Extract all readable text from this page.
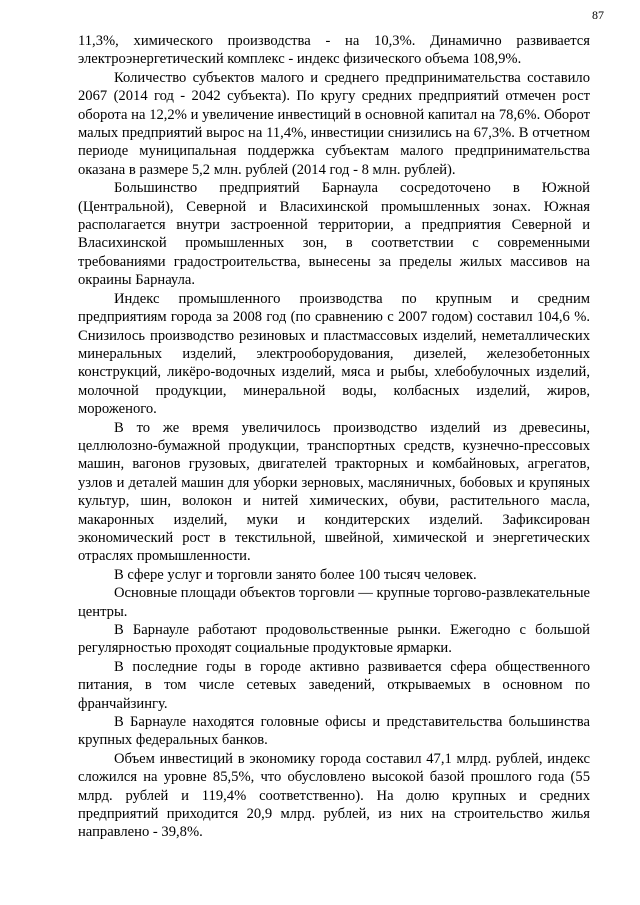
87

11,3%, химического производства - на 10,3%. Динамично развивается электроэнергетический комплекс - индекс физического объема 108,9%.

Количество субъектов малого и среднего предпринимательства составило 2067 (2014 год - 2042 субъекта). По кругу средних предприятий отмечен рост оборота на 12,2% и увеличение инвестиций в основной капитал на 78,6%. Оборот малых предприятий вырос на 11,4%, инвестиции снизились на 67,3%. В отчетном периоде муниципальная поддержка субъектам малого предпринимательства оказана в размере 5,2 млн. рублей (2014 год - 8 млн. рублей).

Большинство предприятий Барнаула сосредоточено в Южной (Центральной), Северной и Власихинской промышленных зонах. Южная располагается внутри застроенной территории, а предприятия Северной и Власихинской промышленных зон, в соответствии с современными требованиями градостроительства, вынесены за пределы жилых массивов на окраины Барнаула.

Индекс промышленного производства по крупным и средним предприятиям города за 2008 год (по сравнению с 2007 годом) составил 104,6 %. Снизилось производство резиновых и пластмассовых изделий, неметаллических минеральных изделий, электрооборудования, дизелей, железобетонных конструкций, ликёро-водочных изделий, мяса и рыбы, хлебобулочных изделий, молочной продукции, минеральной воды, колбасных изделий, жиров, мороженого.

В то же время увеличилось производство изделий из древесины, целлюлозно-бумажной продукции, транспортных средств, кузнечно-прессовых машин, вагонов грузовых, двигателей тракторных и комбайновых, агрегатов, узлов и деталей машин для уборки зерновых, масляничных, бобовых и крупяных культур, шин, волокон и нитей химических, обуви, растительного масла, макаронных изделий, муки и кондитерских изделий. Зафиксирован экономический рост в текстильной, швейной, химической и энергетических отраслях промышленности.

В сфере услуг и торговли занято более 100 тысяч человек.

Основные площади объектов торговли — крупные торгово-развлекательные центры.

В Барнауле работают продовольственные рынки. Ежегодно с большой регулярностью проходят социальные продуктовые ярмарки.

В последние годы в городе активно развивается сфера общественного питания, в том числе сетевых заведений, открываемых в основном по франчайзингу.

В Барнауле находятся головные офисы и представительства большинства крупных федеральных банков.

Объем инвестиций в экономику города составил 47,1 млрд. рублей, индекс сложился на уровне 85,5%, что обусловлено высокой базой прошлого года (55 млрд. рублей и 119,4% соответственно). На долю крупных и средних предприятий приходится 20,9 млрд. рублей, из них на строительство жилья направлено - 39,8%.
